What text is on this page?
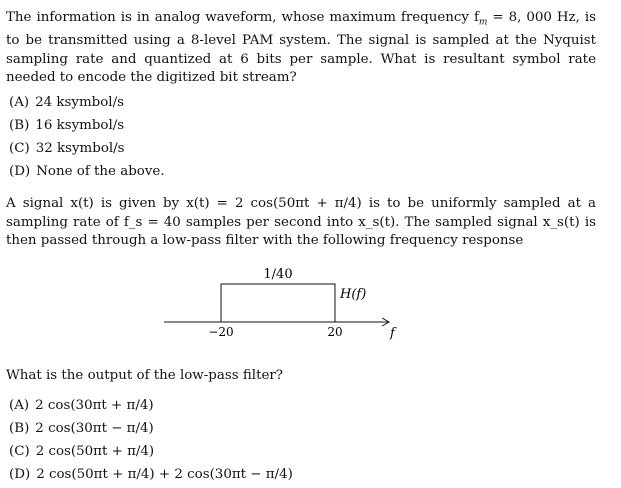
The information is in analog waveform, whose maximum frequency $f_m = 8$, 000 Hz, is to be transmitted using a 8-level PAM system. The signal is sampled at the Nyquist sampling rate and quantized at 6 bits per sample. What is resultant symbol rate needed to encode the digitized bit stream?
(A) 24 ksymbol/s
(B) 16 ksymbol/s
(C) 32 ksymbol/s
(D) None of the above.
A signal x(t) is given by x(t) = 2 cos(50πt + π/4) is to be uniformly sampled at a sampling rate of f_s = 40 samples per second into x_s(t). The sampled signal x_s(t) is then passed through a low-pass filter with the following frequency response
1/40
H(f)
−20	20	f
What is the output of the low-pass filter?
(A) 2 cos(30πt + π/4)
(B) 2 cos(30πt − π/4)
(C) 2 cos(50πt + π/4)
(D) 2 cos(50πt + π/4) + 2 cos(30πt − π/4)
